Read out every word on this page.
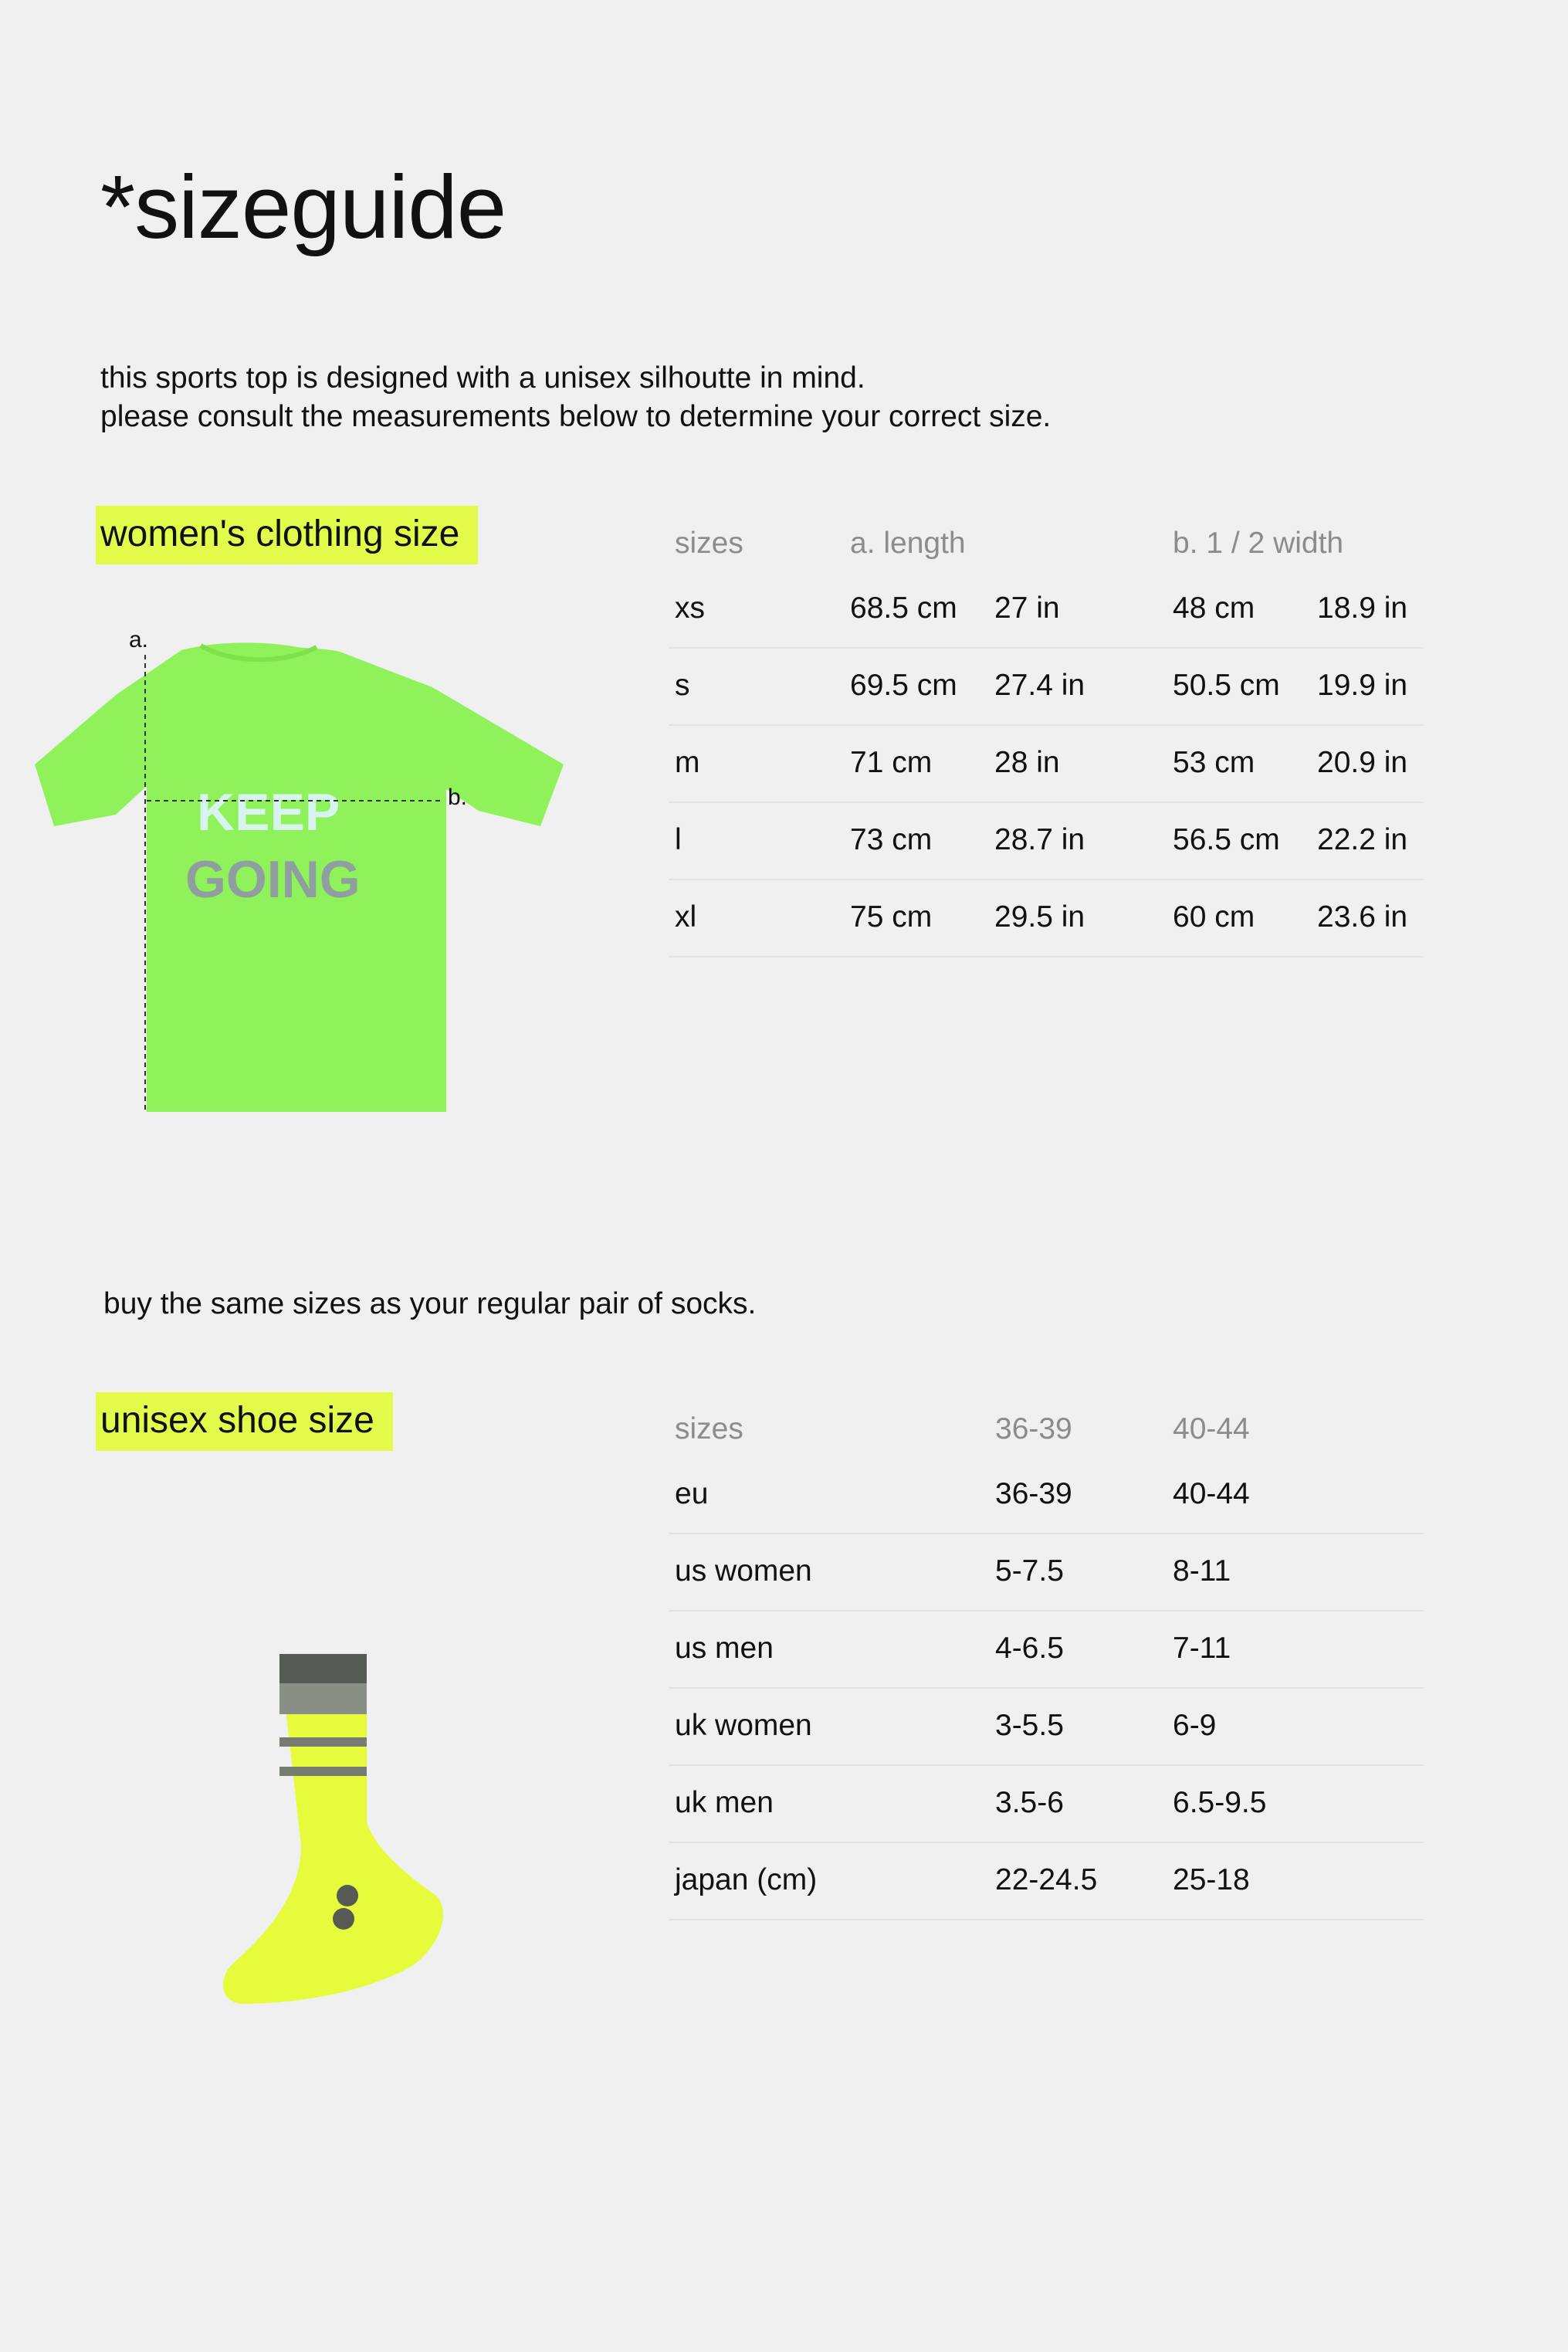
*sizeguide
this sports top is designed with a unisex silhoutte in mind.
please consult the measurements below to determine your correct size.
women's clothing size
KEEP
GOING
a.
b.
sizes	a. length	b. 1 / 2 width
xs	68.5 cm 27 in	48 cm 18.9 in
s	69.5 cm 27.4 in	50.5 cm 19.9 in
m	71 cm 28 in	53 cm 20.9 in
l	73 cm 28.7 in	56.5 cm 22.2 in
xl	75 cm 29.5 in	60 cm 23.6 in
buy the same sizes as your regular pair of socks.
unisex shoe size	sizes	36-39	40-44
eu	36-39	40-44
us women	5-7.5	8-11
us men	4-6.5	7-11
uk women	3-5.5	6-9
uk men	3.5-6	6.5-9.5
japan (cm)	22-24.5	25-18
